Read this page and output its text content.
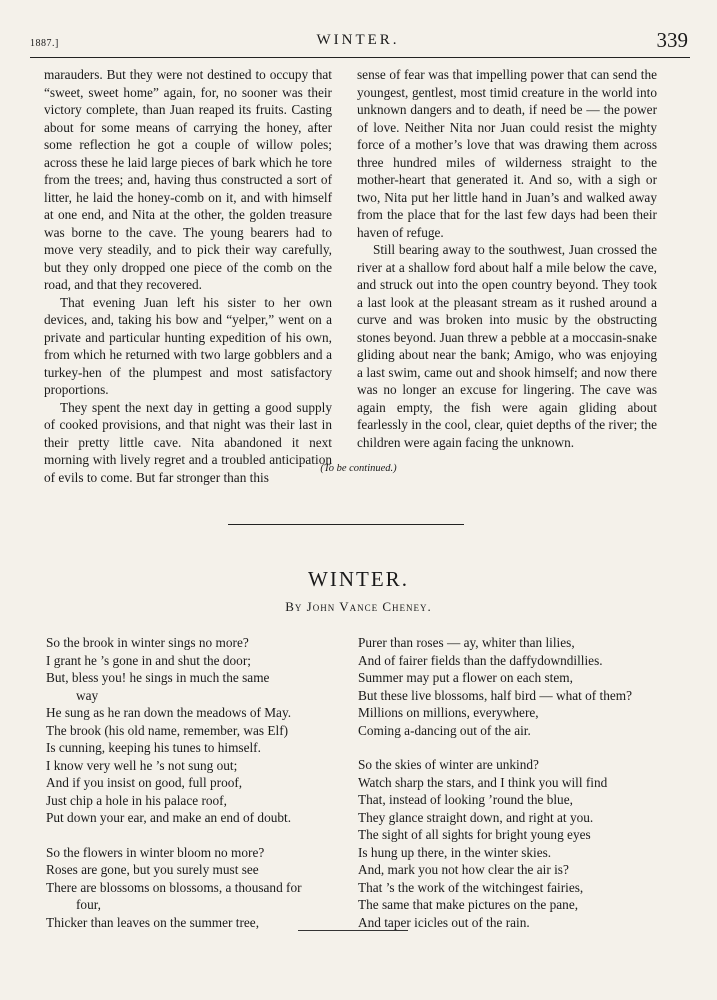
1887.]	WINTER.	339

marauders. But they were not destined to occupy that “sweet, sweet home” again, for, no sooner was their victory complete, than Juan reaped its fruits. Casting about for some means of carrying the honey, after some reflection he got a couple of willow poles; across these he laid large pieces of bark which he tore from the trees; and, having thus constructed a sort of litter, he laid the honey-comb on it, and with himself at one end, and Nita at the other, the golden treasure was borne to the cave. The young bearers had to move very steadily, and to pick their way carefully, but they only dropped one piece of the comb on the road, and that they recovered.

That evening Juan left his sister to her own devices, and, taking his bow and “yelper,” went on a private and particular hunting expedition of his own, from which he returned with two large gobblers and a turkey-hen of the plumpest and most satisfactory proportions.

They spent the next day in getting a good supply of cooked provisions, and that night was their last in their pretty little cave. Nita abandoned it next morning with lively regret and a troubled anticipation of evils to come. But far stronger than this

sense of fear was that impelling power that can send the youngest, gentlest, most timid creature in the world into unknown dangers and to death, if need be — the power of love. Neither Nita nor Juan could resist the mighty force of a mother’s love that was drawing them across three hundred miles of wilderness straight to the mother-heart that generated it. And so, with a sigh or two, Nita put her little hand in Juan’s and walked away from the place that for the last few days had been their haven of refuge.

Still bearing away to the southwest, Juan crossed the river at a shallow ford about half a mile below the cave, and struck out into the open country beyond. They took a last look at the pleasant stream as it rushed around a curve and was broken into music by the obstructing stones beyond. Juan threw a pebble at a moccasin-snake gliding about near the bank; Amigo, who was enjoying a last swim, came out and shook himself; and now there was no longer an excuse for lingering. The cave was again empty, the fish were again gliding about fearlessly in the cool, clear, quiet depths of the river; the children were again facing the unknown.

(To be continued.)
WINTER.
By John Vance Cheney.
So the brook in winter sings no more?
I grant he ’s gone in and shut the door;
But, bless you! he sings in much the same
way
He sung as he ran down the meadows of May.
The brook (his old name, remember, was Elf)
Is cunning, keeping his tunes to himself.
I know very well he ’s not sung out;
And if you insist on good, full proof,
Just chip a hole in his palace roof,
Put down your ear, and make an end of doubt.
So the flowers in winter bloom no more?
Roses are gone, but you surely must see
There are blossoms on blossoms, a thousand for
four,
Thicker than leaves on the summer tree,
Purer than roses — ay, whiter than lilies,
And of fairer fields than the daffydowndillies.
Summer may put a flower on each stem,
But these live blossoms, half bird — what of them?
Millions on millions, everywhere,
Coming a-dancing out of the air.
So the skies of winter are unkind?
Watch sharp the stars, and I think you will find
That, instead of looking ’round the blue,
They glance straight down, and right at you.
The sight of all sights for bright young eyes
Is hung up there, in the winter skies.
And, mark you not how clear the air is?
That ’s the work of the witchingest fairies,
The same that make pictures on the pane,
And taper icicles out of the rain.
